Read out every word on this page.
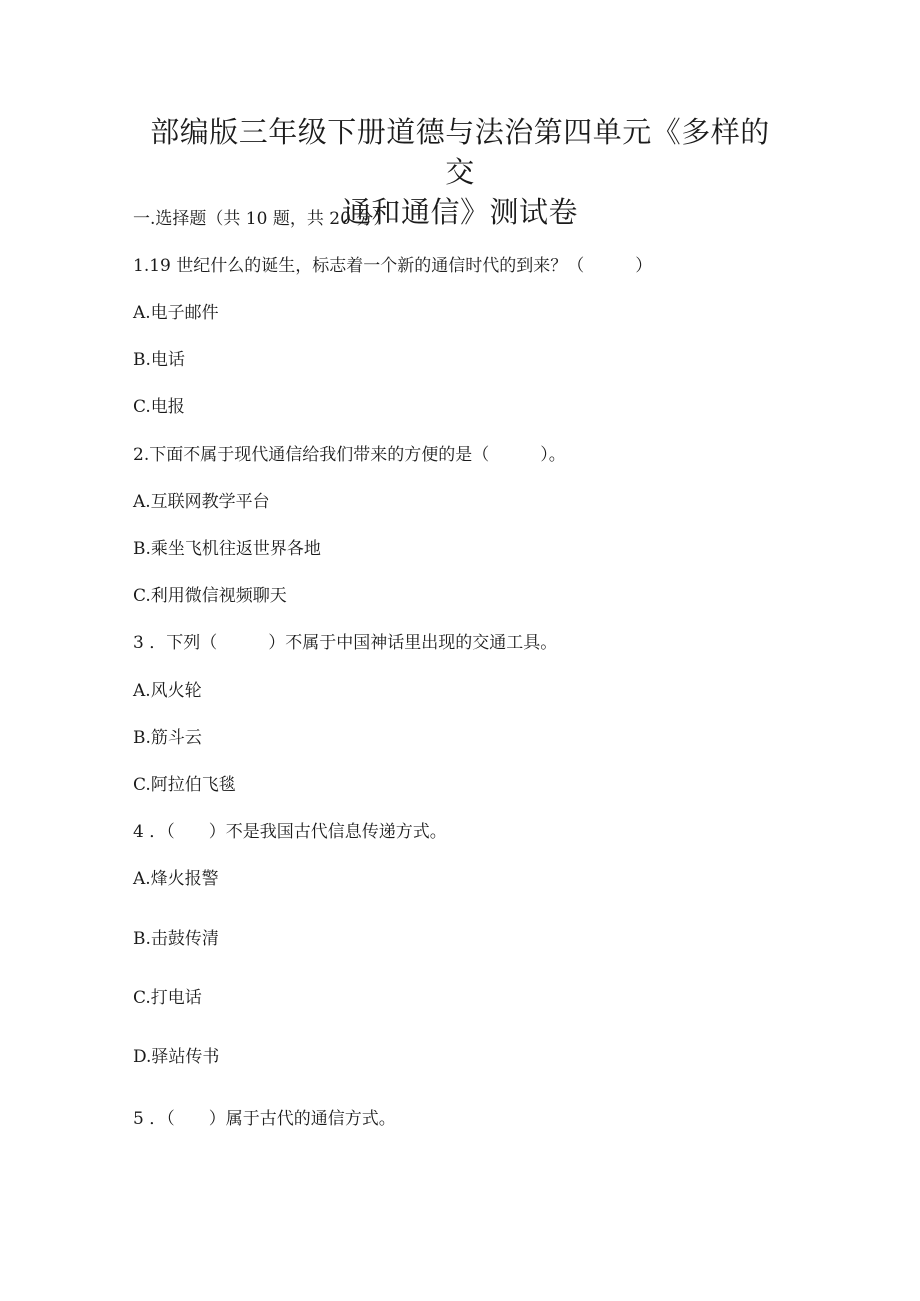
部编版三年级下册道德与法治第四单元《多样的交
通和通信》测试卷
一.选择题（共 10 题，共 20 分）
1.19 世纪什么的诞生，标志着一个新的通信时代的到来？（　　　）
A.电子邮件
B.电话
C.电报
2.下面不属于现代通信给我们带来的方便的是（　　　）。
A.互联网教学平台
B.乘坐飞机往返世界各地
C.利用微信视频聊天
3 ．下列（　　　）不属于中国神话里出现的交通工具。
A.风火轮
B.筋斗云
C.阿拉伯飞毯
4 ．（　　）不是我国古代信息传递方式。
A.烽火报警
B.击鼓传清
C.打电话
D.驿站传书
5 ．（　　）属于古代的通信方式。
